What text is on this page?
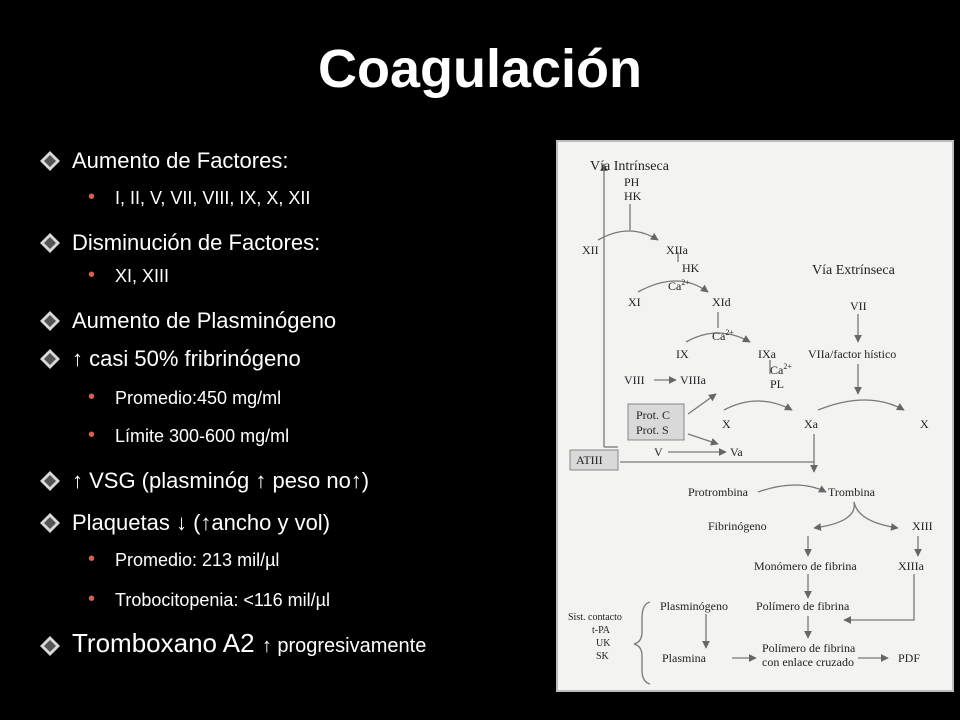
Coagulación
Aumento de Factores:
• I, II, V, VII, VIII, IX, X, XII
Disminución de Factores:
• XI, XIII
Aumento de Plasminógeno
↑ casi 50% fribrinógeno
• Promedio:450 mg/ml
• Límite 300-600 mg/ml
↑ VSG (plasminóg ↑ peso no↑)
Plaquetas ↓ (↑ancho y vol)
• Promedio: 213 mil/µl
• Trobocitopenia: <116 mil/µl
Tromboxano A2 ↑ progresivamente
Vía Intrínseca
PH
HK
XII	XIIa
HK	Vía Extrínseca
$Ca^{2+}$
XI	XId	VII
$Ca^{2+}$
IX	IXa	VIIa/factor hístico
VIII	VIIIa
$Ca^{2+}$
PL
Prot. C
Prot. S	X	Xa	X
ATIII
V	Va
Protrombina	Trombina
Fibrinógeno	XIII
Monómero de fibrina	XIIIa
Sist. contacto
t-PA
UK
SK
Plasminógeno Polímero de fibrina
Plasmina
Polímero de fibrina
con enlace cruzado	PDF
